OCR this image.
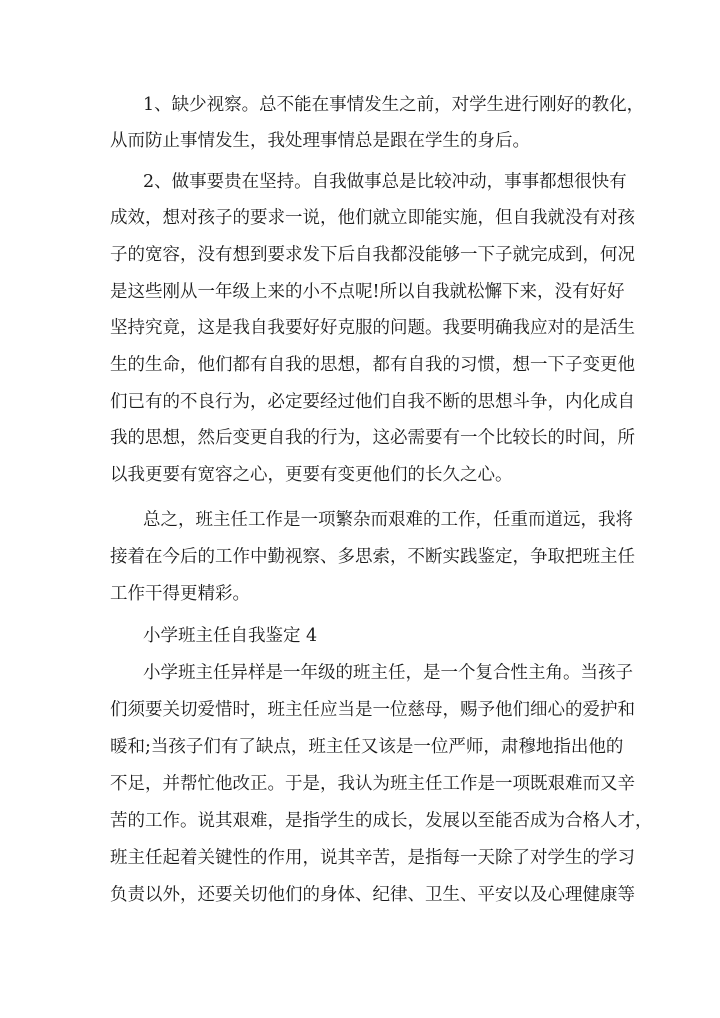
1、缺少视察。总不能在事情发生之前，对学生进行刚好的教化，
从而防止事情发生，我处理事情总是跟在学生的身后。
2、做事要贵在坚持。自我做事总是比较冲动，事事都想很快有
成效，想对孩子的要求一说，他们就立即能实施，但自我就没有对孩
子的宽容，没有想到要求发下后自我都没能够一下子就完成到，何况
是这些刚从一年级上来的小不点呢!所以自我就松懈下来，没有好好
坚持究竟，这是我自我要好好克服的问题。我要明确我应对的是活生
生的生命，他们都有自我的思想，都有自我的习惯，想一下子变更他
们已有的不良行为，必定要经过他们自我不断的思想斗争，内化成自
我的思想，然后变更自我的行为，这必需要有一个比较长的时间，所
以我更要有宽容之心，更要有变更他们的长久之心。
总之，班主任工作是一项繁杂而艰难的工作，任重而道远，我将
接着在今后的工作中勤视察、多思索，不断实践鉴定，争取把班主任
工作干得更精彩。
小学班主任自我鉴定 4
小学班主任异样是一年级的班主任，是一个复合性主角。当孩子
们须要关切爱惜时，班主任应当是一位慈母，赐予他们细心的爱护和
暖和;当孩子们有了缺点，班主任又该是一位严师，肃穆地指出他的
不足，并帮忙他改正。于是，我认为班主任工作是一项既艰难而又辛
苦的工作。说其艰难，是指学生的成长，发展以至能否成为合格人才，
班主任起着关键性的作用，说其辛苦，是指每一天除了对学生的学习
负责以外，还要关切他们的身体、纪律、卫生、平安以及心理健康等
